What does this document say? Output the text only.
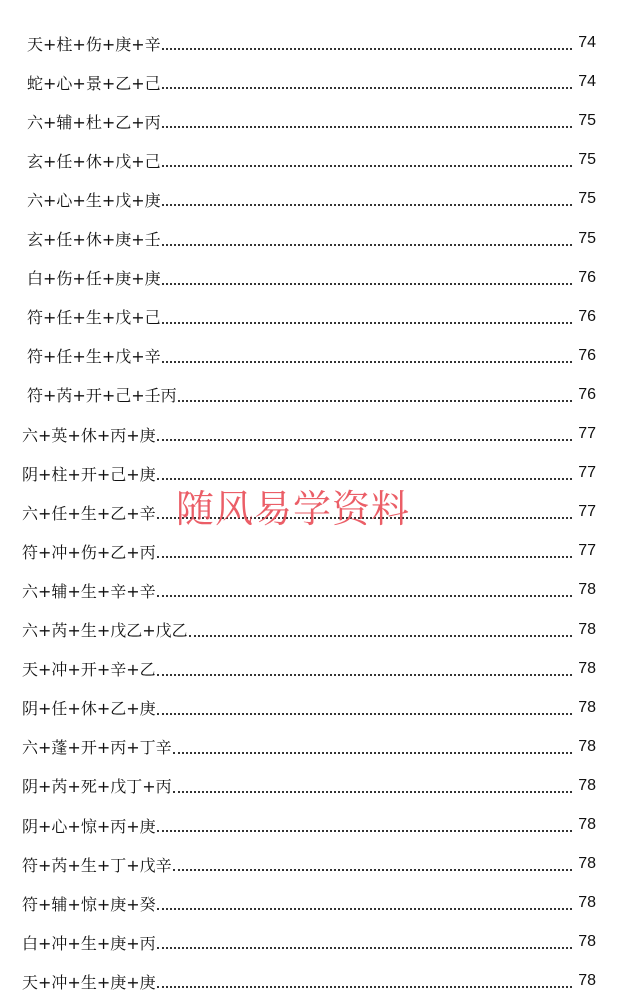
天+柱+伤+庚+辛	74
蛇+心+景+乙+己	74
六+辅+杜+乙+丙	75
玄+任+休+戊+己	75
六+心+生+戊+庚	75
玄+任+休+庚+壬	75
白+伤+任+庚+庚	76
符+任+生+戊+己	76
符+任+生+戊+辛	76
符+芮+开+己+壬丙	76
六+英+休+丙+庚	77
阴+柱+开+己+庚	77
六+任+生+乙+辛	77
符+冲+伤+乙+丙	77
六+辅+生+辛+辛	78
六+芮+生+戊乙+戊乙	78
天+冲+开+辛+乙	78
阴+任+休+乙+庚	78
六+蓬+开+丙+丁辛	78
阴+芮+死+戊丁+丙	78
阴+心+惊+丙+庚	78
符+芮+生+丁+戊辛	78
符+辅+惊+庚+癸	78
白+冲+生+庚+丙	78
天+冲+生+庚+庚	78
随风易学资料
